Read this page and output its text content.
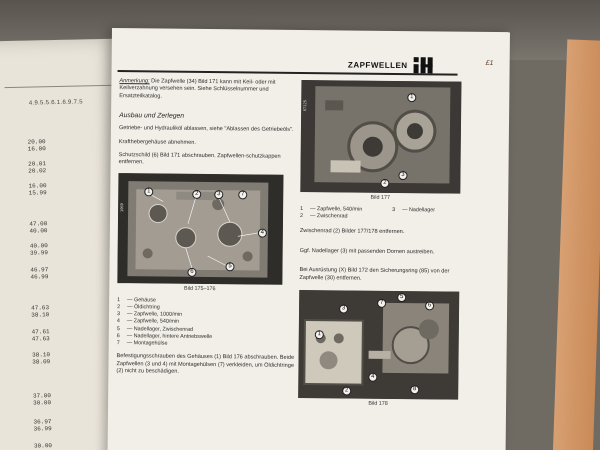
4.9.5.5.6.1.6.9.7.5
20.00
16.00
20.01
20.02
16.00
15.99
47.00
40.00
40.00
39.99
46.97
46.99
47.63
38.10
47.61
47.63
38.10
38.09
37.00
30.00
36.97
36.99
30.00
£1
ZAPFWELLEN
Anmerkung: Die Zapfwelle (34) Bild 171 kann mit Keil- oder mit Keilverzahnung versehen sein. Siehe Schlüsselnummer und Ersatzteilkatalog.
Ausbau und Zerlegen
Getriebe- und Hydrauliköl ablassen, siehe "Ablassen des Getriebeöls".
Krafthebergehäuse abnehmen.
Schutzschild (6) Bild 171 abschrauben. Zapfwellen-schutzkappen entfernen.
1969
1	2	3
4
5
6
7
Bild 175–176
1	— Gehäuse
2	— Öldichtring
3	— Zapfwelle, 1000/min
4	— Zapfwelle, 540/min
5	— Nadellager, Zwischenrad
6	— Nadellager, hintere Antriebswelle
7	— Montagehülse
Befestigungsschrauben des Gehäuses (1) Bild 176 abschrauben. Beide Zapfwellen (3 und 4) mit Montagehülsen (7) verkleiden, um Öldichtringe (2) nicht zu beschädigen.
67125
1
2
3
Bild 177
1	— Zapfwelle, 540/min	3	— Nadellager
2	— Zwischenrad
Zwischenrad (2) Bilder 177/178 entfernen.
Ggf. Nadellager (3) mit passenden Dornen austreiben.
Bei Ausrüstung (X) Bild 172 den Sicherungsring (85) von der Zapfwelle (30) entfernen.
3
1
2
7
5
6
4
8
Bild 178
